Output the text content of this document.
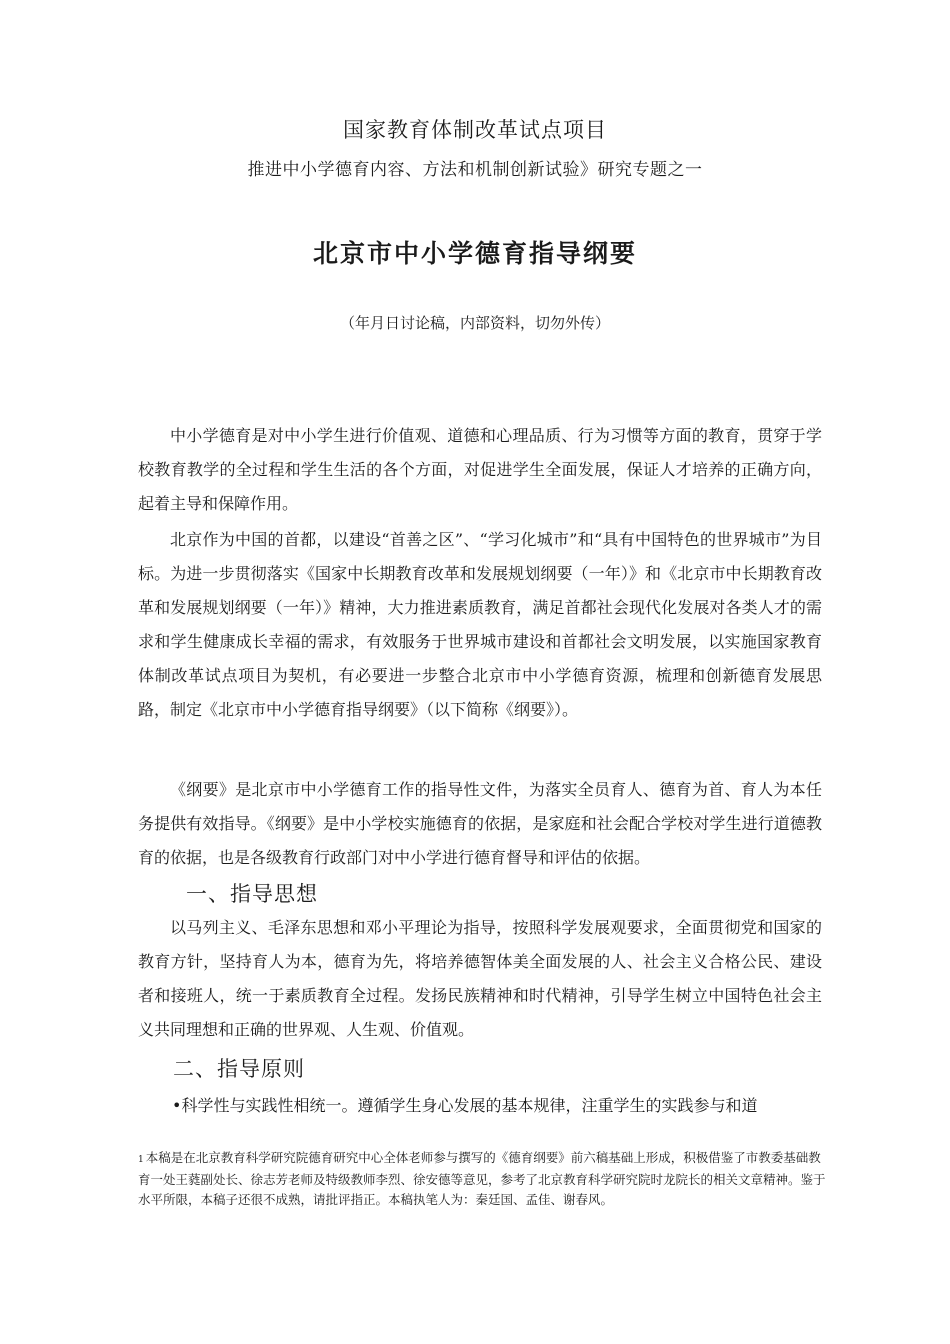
国家教育体制改革试点项目
推进中小学德育内容、方法和机制创新试验》研究专题之一
北京市中小学德育指导纲要
（年月日讨论稿，内部资料，切勿外传）

中小学德育是对中小学生进行价值观、道德和心理品质、行为习惯等方面的教育，贯穿于学校教育教学的全过程和学生生活的各个方面，对促进学生全面发展，保证人才培养的正确方向，起着主导和保障作用。

北京作为中国的首都，以建设“首善之区”、“学习化城市”和“具有中国特色的世界城市”为目标。为进一步贯彻落实《国家中长期教育改革和发展规划纲要（一年）》和《北京市中长期教育改革和发展规划纲要（一年）》精神，大力推进素质教育，满足首都社会现代化发展对各类人才的需求和学生健康成长幸福的需求，有效服务于世界城市建设和首都社会文明发展，以实施国家教育体制改革试点项目为契机，有必要进一步整合北京市中小学德育资源，梳理和创新德育发展思路，制定《北京市中小学德育指导纲要》（以下简称《纲要》）。

《纲要》是北京市中小学德育工作的指导性文件，为落实全员育人、德育为首、育人为本任务提供有效指导。《纲要》是中小学校实施德育的依据，是家庭和社会配合学校对学生进行道德教育的依据，也是各级教育行政部门对中小学进行德育督导和评估的依据。

一、指导思想

以马列主义、毛泽东思想和邓小平理论为指导，按照科学发展观要求，全面贯彻党和国家的教育方针，坚持育人为本，德育为先，将培养德智体美全面发展的人、社会主义合格公民、建设者和接班人，统一于素质教育全过程。发扬民族精神和时代精神，引导学生树立中国特色社会主义共同理想和正确的世界观、人生观、价值观。

二、指导原则
•科学性与实践性相统一。遵循学生身心发展的基本规律，注重学生的实践参与和道

1 本稿是在北京教育科学研究院德育研究中心全体老师参与撰写的《德育纲要》前六稿基础上形成，积极借鉴了市教委基础教育一处王蕤副处长、徐志芳老师及特级教师李烈、徐安德等意见，参考了北京教育科学研究院时龙院长的相关文章精神。鉴于水平所限，本稿子还很不成熟，请批评指正。本稿执笔人为：秦廷国、孟佳、谢春风。
